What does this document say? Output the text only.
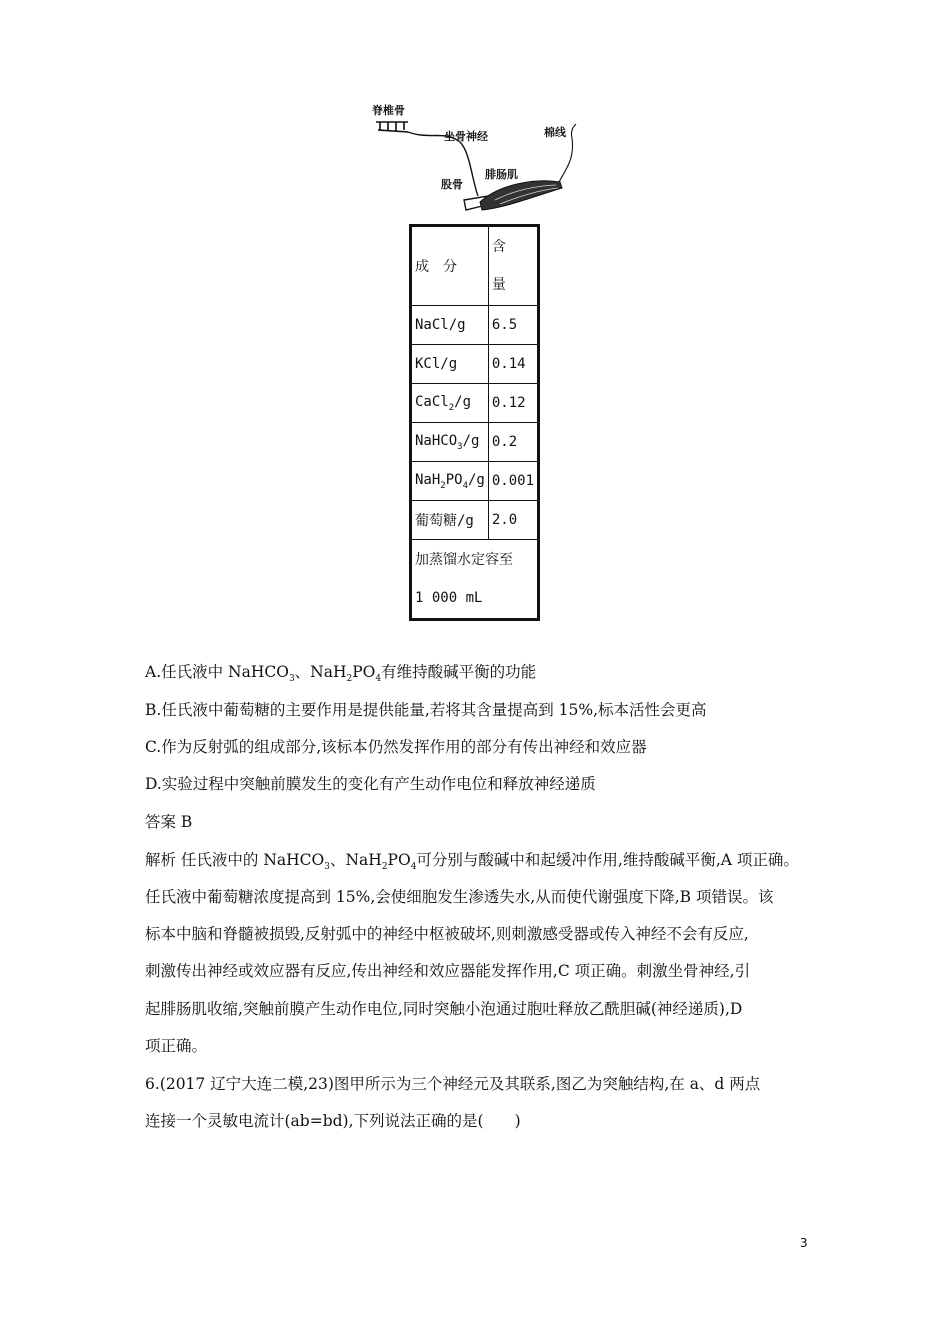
脊椎骨
坐骨神经	棉线
腓肠肌
股骨
成　分	含
量
NaCl/g	6.5
KCl/g	0.14
CaCl$_2$/g	0.12
NaHCO$_3$/g	0.2
$NaH_2PO_4/g$	0.001
葡萄糖/g	2.0
加蒸馏水定容至
1 000 mL	
A.任氏液中 NaHCO$_3$、$NaH_2PO_4$有维持酸碱平衡的功能
B.任氏液中葡萄糖的主要作用是提供能量,若将其含量提高到 15%,标本活性会更高
C.作为反射弧的组成部分,该标本仍然发挥作用的部分有传出神经和效应器
D.实验过程中突触前膜发生的变化有产生动作电位和释放神经递质
答案 B
解析 任氏液中的 NaHCO$_3$、$NaH_2PO_4$可分别与酸碱中和起缓冲作用,维持酸碱平衡,A 项正确。
任氏液中葡萄糖浓度提高到 15%,会使细胞发生渗透失水,从而使代谢强度下降,B 项错误。该
标本中脑和脊髓被损毁,反射弧中的神经中枢被破坏,则刺激感受器或传入神经不会有反应,
刺激传出神经或效应器有反应,传出神经和效应器能发挥作用,C 项正确。刺激坐骨神经,引
起腓肠肌收缩,突触前膜产生动作电位,同时突触小泡通过胞吐释放乙酰胆碱(神经递质),D
项正确。
6.(2017 辽宁大连二模,23)图甲所示为三个神经元及其联系,图乙为突触结构,在 a、d 两点
连接一个灵敏电流计(ab=bd),下列说法正确的是(　　)
3
